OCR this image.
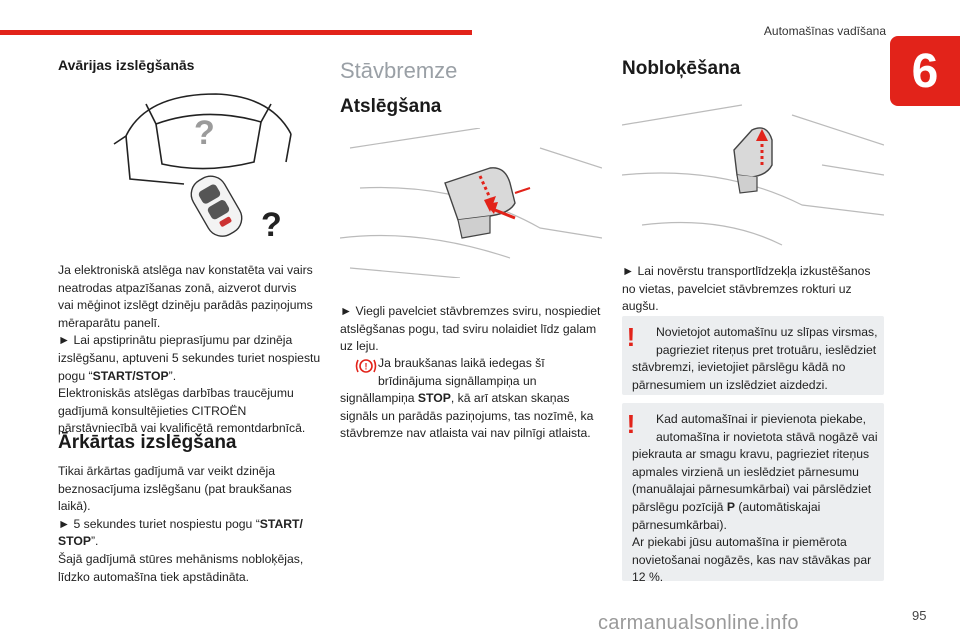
Automašīnas vadīšana
6
Avārijas izslēgšanās
?
?
Ja elektroniskā atslēga nav konstatēta vai vairs
neatrodas atpazīšanas zonā, aizverot durvis
vai mēģinot izslēgt dzinēju parādās paziņojums
mēraparātu panelī.
► Lai apstiprinātu pieprasījumu par dzinēja
izslēgšanu, aptuveni 5 sekundes turiet nospiestu
pogu “START/STOP”.
Elektroniskās atslēgas darbības traucējumu
gadījumā konsultējieties CITROËN
pārstāvniecībā vai kvalificētā remontdarbnīcā.
Ārkārtas izslēgšana
Tikai ārkārtas gadījumā var veikt dzinēja
beznosacījuma izslēgšanu (pat braukšanas
laikā).
► 5 sekundes turiet nospiestu pogu “START/
STOP”.
Šajā gadījumā stūres mehānisms nobloķējas,
līdzko automašīna tiek apstādināta.
Stāvbremze
Atslēgšana
► Viegli pavelciet stāvbremzes sviru, nospiediet
atslēgšanas pogu, tad sviru nolaidiet līdz galam
uz leju.
! Ja braukšanas laikā iedegas šī
brīdinājuma signāllampiņa un
signāllampiņa STOP, kā arī atskan skaņas
signāls un parādās paziņojums, tas nozīmē, ka
stāvbremze nav atlaista vai nav pilnīgi atlaista.
Nobloķēšana
► Lai novērstu transportlīdzekļa izkustēšanos
no vietas, pavelciet stāvbremzes rokturi uz
augšu.
!	Novietojot automašīnu uz slīpas virsmas,
pagrieziet riteņus pret trotuāru, ieslēdziet
stāvbremzi, ievietojiet pārslēgu kādā no
pārnesumiem un izslēdziet aizdedzi.
!	Kad automašīnai ir pievienota piekabe,
automašīna ir novietota stāvā nogāzē vai
piekrauta ar smagu kravu, pagrieziet riteņus
apmales virzienā un ieslēdziet pārnesumu
(manuālajai pārnesumkārbai) vai pārslēdziet
pārslēgu pozīcijā P (automātiskajai
pārnesumkārbai).
Ar piekabi jūsu automašīna ir piemērota
novietošanai nogāzēs, kas nav stāvākas par
12 %.
carmanualsonline.info	95
